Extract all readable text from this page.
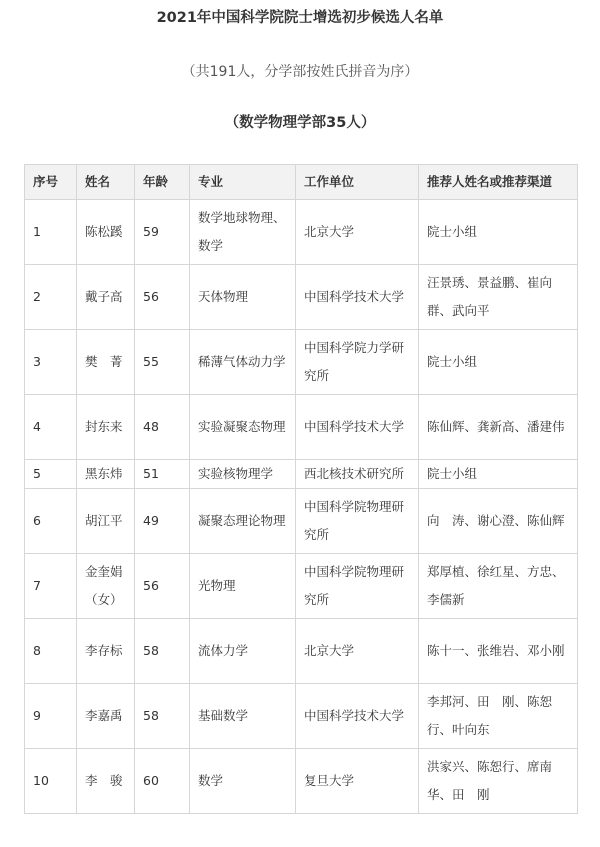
2021年中国科学院院士增选初步候选人名单
（共191人，分学部按姓氏拼音为序）
（数学物理学部35人）
序号	姓名	年龄	专业	工作单位	推荐人姓名或推荐渠道
1	陈松蹊	59	数学地球物理、数学	北京大学	院士小组
2	戴子高	56	天体物理	中国科学技术大学	汪景琇、景益鹏、崔向群、武向平
3	樊　菁	55	稀薄气体动力学	中国科学院力学研究所	院士小组
4	封东来	48	实验凝聚态物理	中国科学技术大学	陈仙辉、龚新高、潘建伟
5	黑东炜	51	实验核物理学	西北核技术研究所	院士小组
6	胡江平	49	凝聚态理论物理	中国科学院物理研究所	向　涛、谢心澄、陈仙辉
7	金奎娟（女）	56	光物理	中国科学院物理研究所	郑厚植、徐红星、方忠、李儒新
8	李存标	58	流体力学	北京大学	陈十一、张维岩、邓小刚
9	李嘉禹	58	基础数学	中国科学技术大学	李邦河、田　刚、陈恕行、叶向东
10	李　骏	60	数学	复旦大学	洪家兴、陈恕行、席南华、田　刚
